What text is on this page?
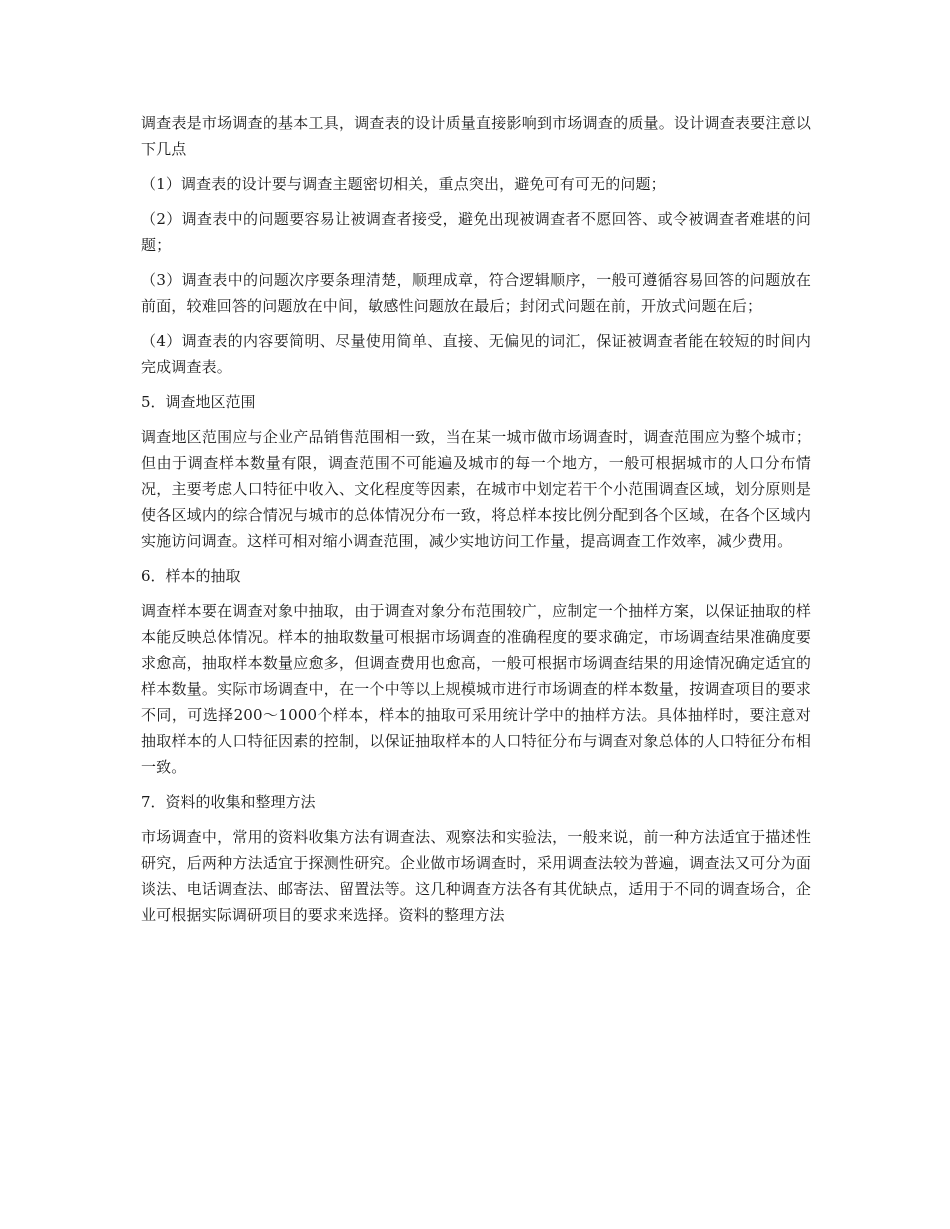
调查表是市场调查的基本工具，调查表的设计质量直接影响到市场调查的质量。设计调查表要注意以下几点

（1）调查表的设计要与调查主题密切相关，重点突出，避免可有可无的问题；

（2）调查表中的问题要容易让被调查者接受，避免出现被调查者不愿回答、或令被调查者难堪的问题；

（3）调查表中的问题次序要条理清楚，顺理成章，符合逻辑顺序，一般可遵循容易回答的问题放在前面，较难回答的问题放在中间，敏感性问题放在最后；封闭式问题在前，开放式问题在后；

（4）调查表的内容要简明、尽量使用简单、直接、无偏见的词汇，保证被调查者能在较短的时间内完成调查表。

5．调查地区范围

调查地区范围应与企业产品销售范围相一致，当在某一城市做市场调查时，调查范围应为整个城市；但由于调查样本数量有限，调查范围不可能遍及城市的每一个地方，一般可根据城市的人口分布情况，主要考虑人口特征中收入、文化程度等因素，在城市中划定若干个小范围调查区域，划分原则是使各区域内的综合情况与城市的总体情况分布一致，将总样本按比例分配到各个区域，在各个区域内实施访问调查。这样可相对缩小调查范围，减少实地访问工作量，提高调查工作效率，减少费用。

6．样本的抽取

调查样本要在调查对象中抽取，由于调查对象分布范围较广，应制定一个抽样方案，以保证抽取的样本能反映总体情况。样本的抽取数量可根据市场调查的准确程度的要求确定，市场调查结果准确度要求愈高，抽取样本数量应愈多，但调查费用也愈高，一般可根据市场调查结果的用途情况确定适宜的样本数量。实际市场调查中，在一个中等以上规模城市进行市场调查的样本数量，按调查项目的要求不同，可选择200～1000个样本，样本的抽取可采用统计学中的抽样方法。具体抽样时，要注意对抽取样本的人口特征因素的控制，以保证抽取样本的人口特征分布与调查对象总体的人口特征分布相一致。

7．资料的收集和整理方法

市场调查中，常用的资料收集方法有调查法、观察法和实验法，一般来说，前一种方法适宜于描述性研究，后两种方法适宜于探测性研究。企业做市场调查时，采用调查法较为普遍，调查法又可分为面谈法、电话调查法、邮寄法、留置法等。这几种调查方法各有其优缺点，适用于不同的调查场合，企业可根据实际调研项目的要求来选择。资料的整理方法
